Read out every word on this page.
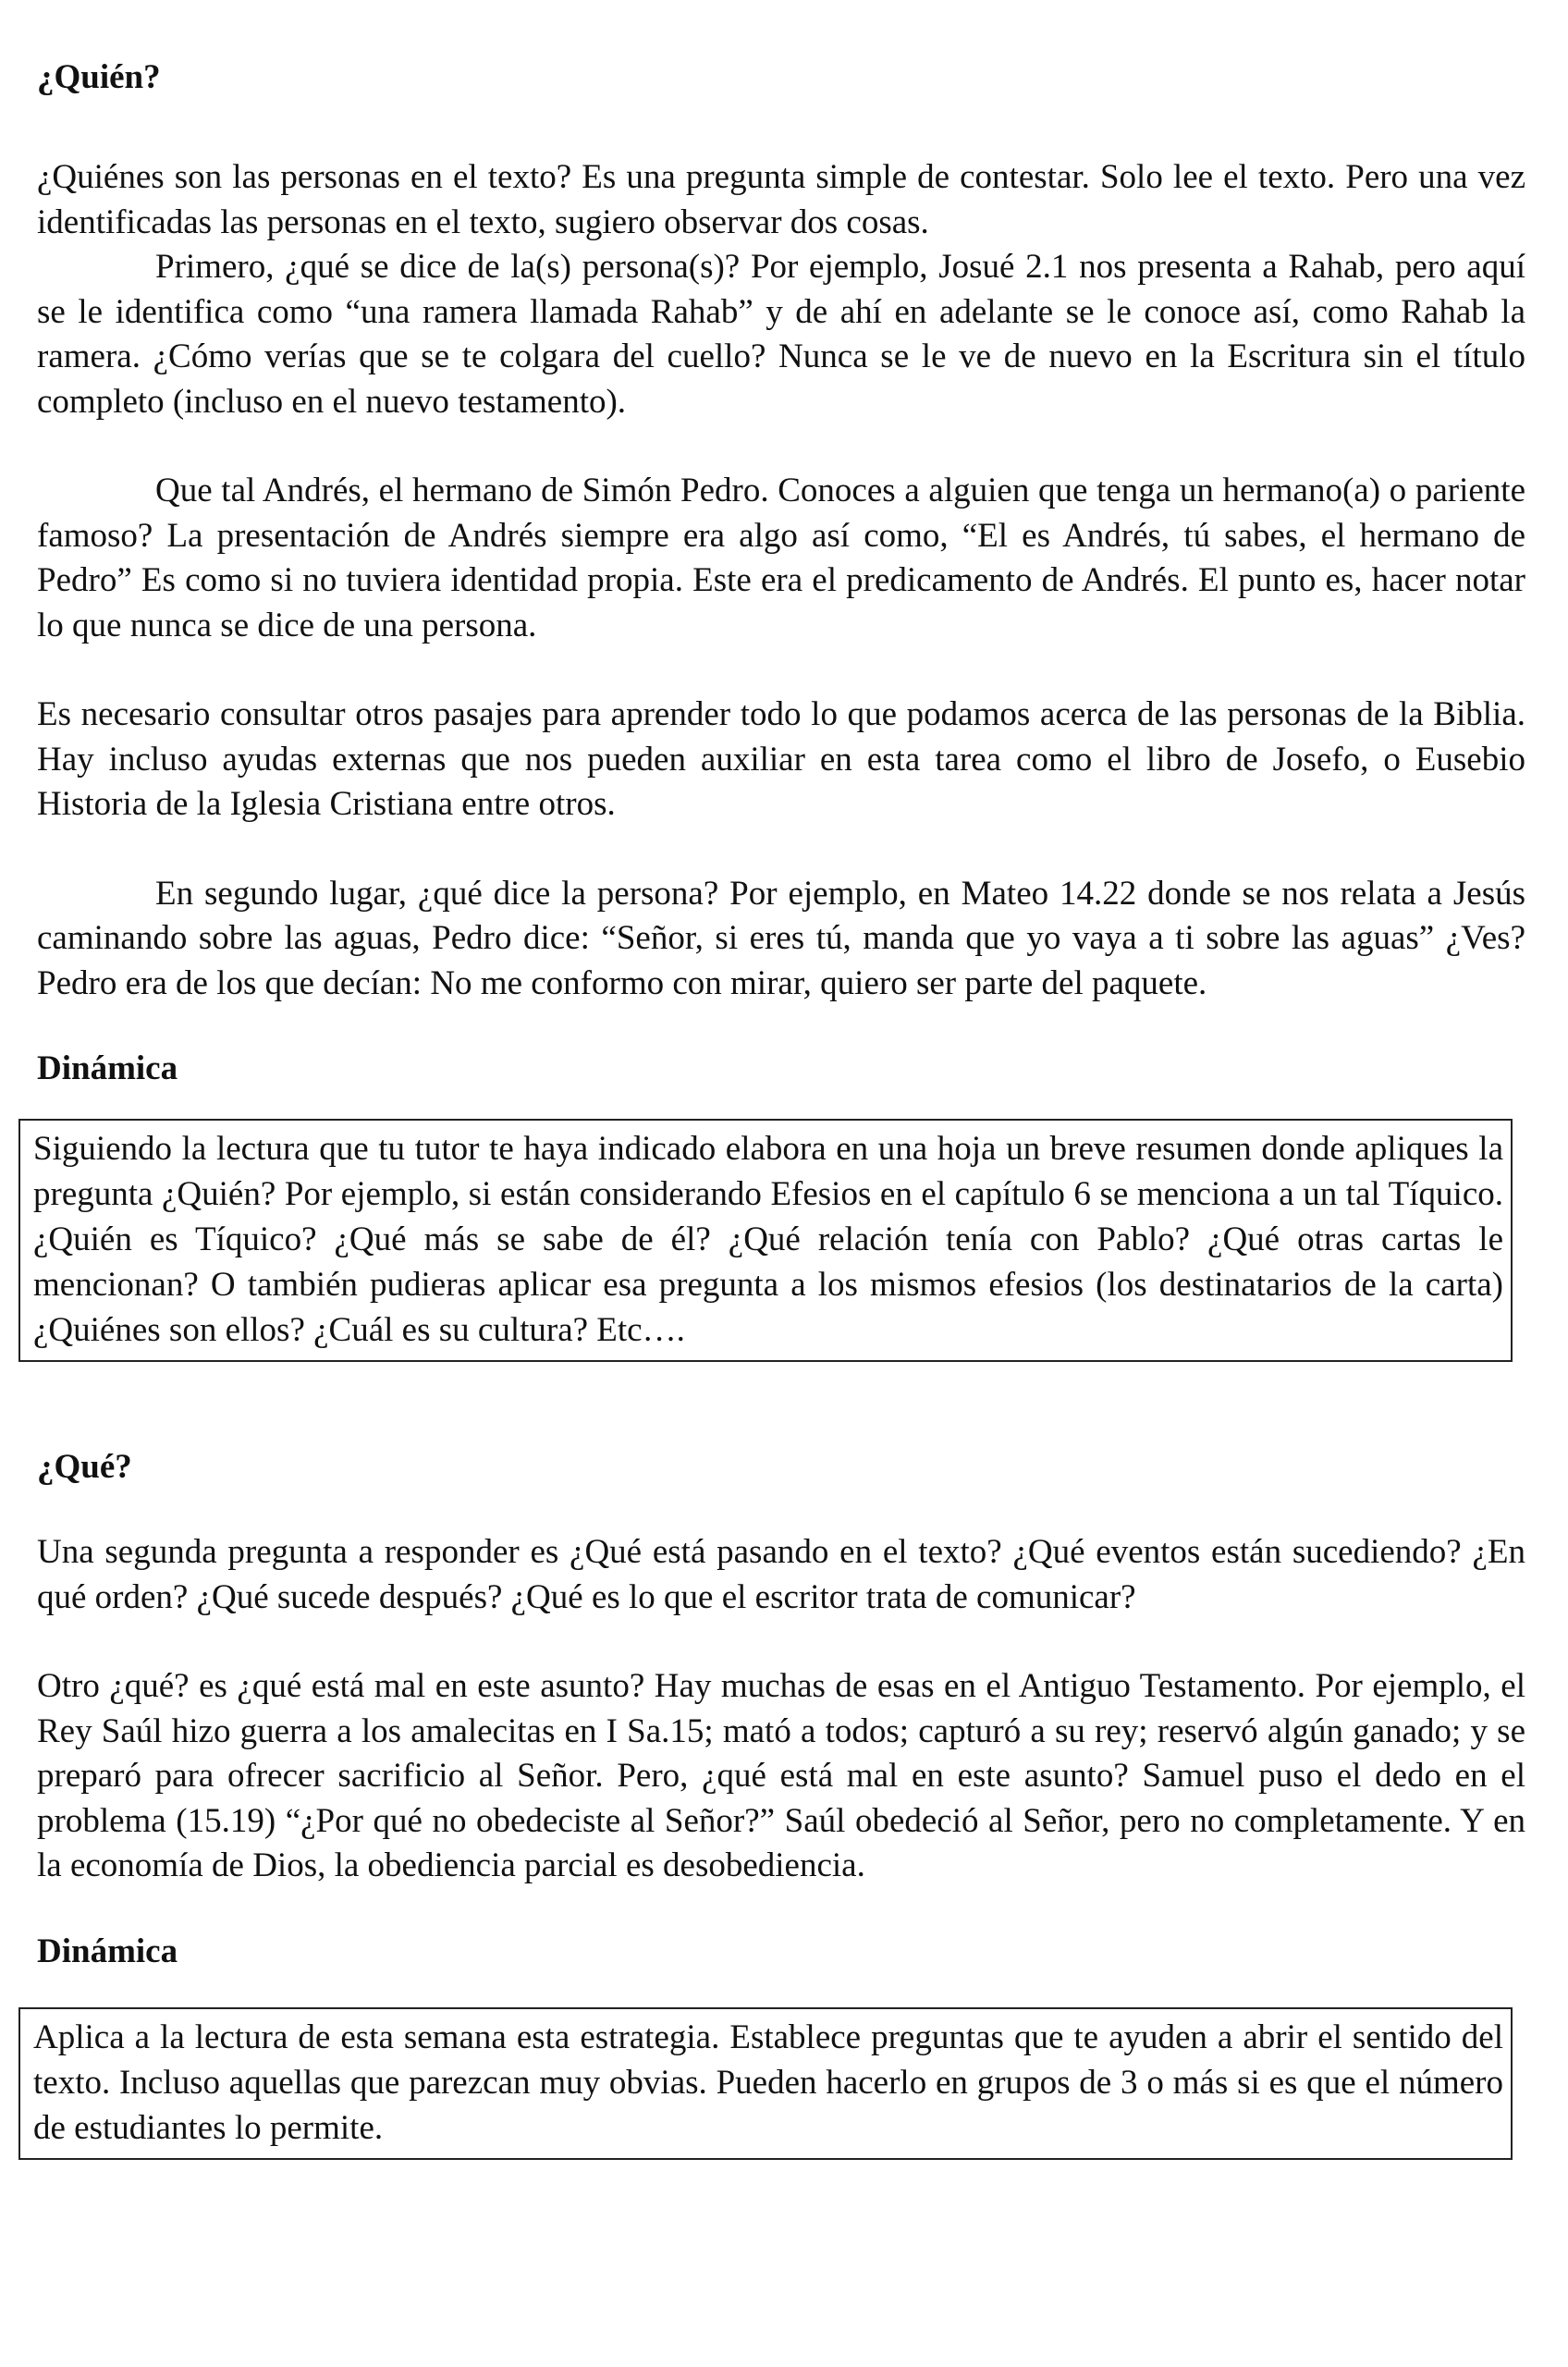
¿Quién?

¿Quiénes son las personas en el texto? Es una pregunta simple de contestar. Solo lee el texto. Pero una vez identificadas las personas en el texto, sugiero observar dos cosas.

Primero, ¿qué se dice de la(s) persona(s)? Por ejemplo, Josué 2.1 nos presenta a Rahab, pero aquí se le identifica como “una ramera llamada Rahab” y de ahí en adelante se le conoce así, como Rahab la ramera. ¿Cómo verías que se te colgara del cuello? Nunca se le ve de nuevo en la Escritura sin el título completo (incluso en el nuevo testamento).

Que tal Andrés, el hermano de Simón Pedro. Conoces a alguien que tenga un hermano(a) o pariente famoso? La presentación de Andrés siempre era algo así como, “El es Andrés, tú sabes, el hermano de Pedro” Es como si no tuviera identidad propia. Este era el predicamento de Andrés. El punto es, hacer notar lo que nunca se dice de una persona.

Es necesario consultar otros pasajes para aprender todo lo que podamos acerca de las personas de la Biblia. Hay incluso ayudas externas que nos pueden auxiliar en esta tarea como el libro de Josefo, o Eusebio Historia de la Iglesia Cristiana entre otros.

En segundo lugar, ¿qué dice la persona? Por ejemplo, en Mateo 14.22 donde se nos relata a Jesús caminando sobre las aguas, Pedro dice: “Señor, si eres tú, manda que yo vaya a ti sobre las aguas” ¿Ves? Pedro era de los que decían: No me conformo con mirar, quiero ser parte del paquete.

Dinámica

Siguiendo la lectura que tu tutor te haya indicado elabora en una hoja un breve resumen donde apliques la pregunta ¿Quién? Por ejemplo, si están considerando Efesios en el capítulo 6 se menciona a un tal Tíquico. ¿Quién es Tíquico? ¿Qué más se sabe de él? ¿Qué relación tenía con Pablo? ¿Qué otras cartas le mencionan? O también pudieras aplicar esa pregunta a los mismos efesios (los destinatarios de la carta) ¿Quiénes son ellos? ¿Cuál es su cultura? Etc….

¿Qué?

Una segunda pregunta a responder es ¿Qué está pasando en el texto? ¿Qué eventos están sucediendo? ¿En qué orden? ¿Qué sucede después? ¿Qué es lo que el escritor trata de comunicar?

Otro ¿qué? es ¿qué está mal en este asunto? Hay muchas de esas en el Antiguo Testamento. Por ejemplo, el Rey Saúl hizo guerra a los amalecitas en I Sa.15; mató a todos; capturó a su rey; reservó algún ganado; y se preparó para ofrecer sacrificio al Señor. Pero, ¿qué está mal en este asunto? Samuel puso el dedo en el problema (15.19) “¿Por qué no obedeciste al Señor?” Saúl obedeció al Señor, pero no completamente. Y en la economía de Dios, la obediencia parcial es desobediencia.

Dinámica

Aplica a la lectura de esta semana esta estrategia. Establece preguntas que te ayuden a abrir el sentido del texto. Incluso aquellas que parezcan muy obvias. Pueden hacerlo en grupos de 3 o más si es que el número de estudiantes lo permite.
